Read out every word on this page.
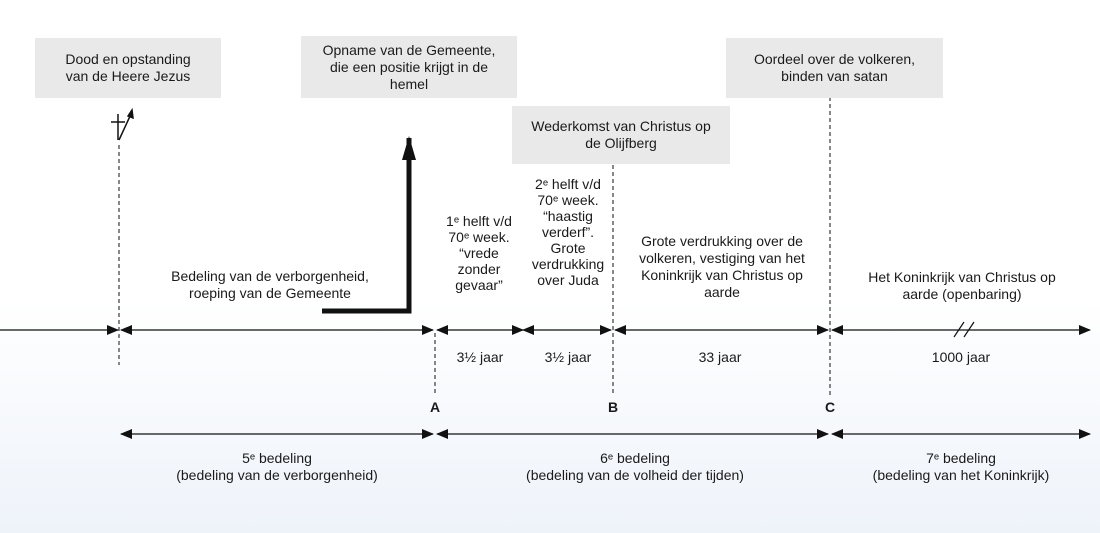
Dood en opstanding
van de Heere Jezus
Opname van de Gemeente,
die een positie krijgt in de
hemel
Wederkomst van Christus op
de Olijfberg
Oordeel over de volkeren,
binden van satan
Bedeling van de verborgenheid,
roeping van de Gemeente
1ᵉ helft v/d
70ᵉ week.
“vrede
zonder
gevaar”
2ᵉ helft v/d
70ᵉ week.
“haastig
verderf”.
Grote
verdrukking
over Juda
Grote verdrukking over de
volkeren, vestiging van het
Koninkrijk van Christus op
aarde
Het Koninkrijk van Christus op
aarde (openbaring)
3½ jaar	3½ jaar	33 jaar	1000 jaar
A	B	C
5ᵉ bedeling
(bedeling van de verborgenheid)
6ᵉ bedeling
(bedeling van de volheid der tijden)
7ᵉ bedeling
(bedeling van het Koninkrijk)
